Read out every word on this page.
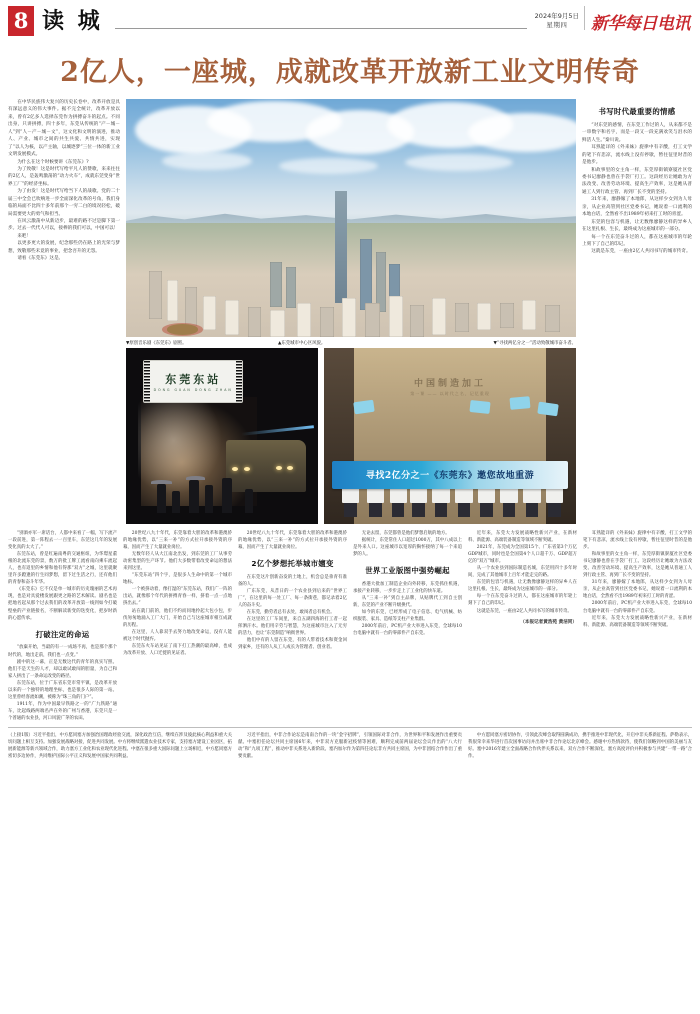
8 读 城	2024年9月5日
星期四	新华每日电讯
2亿人，一座城，成就改革开放新工业文明传奇

在中华民族伟大复兴的历史长卷中，改革开放是具有深远意义的伟大事件。据不完全统计，改革开放以来，曾有2亿多人选择东莞作为拼搏奋斗的起点。不同出身，只讲拼搏，四十多年，东莞从传统的“产－城－人”到“人－产－城－文”，这文化和文明的演进，推动人、产业、城市之间的共生共爱、共情共进，实现了“以人为核，以产主轴，以城逐梦”三位一体的新工业文明发展模式。

为什么在这个时候要讲《东莞东》?

为了致敬！这是时代写给平凡人的赞歌，来来往往的2亿人，是轰鸣激荡的“动力火车”，成就东莞变身“世界工厂”的经济坐标。

为了由发！这是时代写给当下人的战歌。党的二十届三中全会已吹响进一步全面深化改革的号角，我们身临的局面不比四十多年前那个一穷二白的境况轻松，破局需要更大的勇气和担当。

在风云激荡中从新迈步，最难的路不过是脚下第一步。过去一代代人可以，接棒的我们可以，中国可以！

来吧！

以更多更大的发展，纪念那些仍在路上的光荣与梦想，致敬那些未竟的事业，把念吾升的无怨。

请看《东莞东》这是。

▼原创音乐剧《东莞东》剧照。	▲东莞城市中心区风貌。	▼“寻找两亿分之一”活动致敬城市奋斗者。
东莞东站
DONG GUAN DONG ZHAN
中国制造加工
第一课 —— 以时代之名，记忆重现
寻找2亿分之一 《东莞东》邀您故地重游
书写时代最重要的情感

“对东莞的感情，在东莞工作过的人，从来都不是一串数字和名字，而是一段又一段充满欢笑与泪水的鲜活人生。”秦川说。

耳熟能详的《外来妹》旋律中有辛酸，打工文学的笔下有悲凉，流水线上没有停歇，暂往征里时昔的是他步。

和故事里的女主角一样，东莞厚街镇寮厦社区党委书记廖静也曾在手袋厂打工。这段经历让她敢为方法改变、改善劳动环境、提高生产效率，这是她从普通工人到行政主管、再到厂长不变的坚持。

31年来，廖静嫁了本地郎，从这样少女到为人母亲，从企业高管到社区党委书记，她说着一口流利的本地白话，全然看不出1989年初来打工时的青涩。

东莞的包容与机遇，让无数像廖静这样的异乡人在这里扎根、生长，最终成为这座城市的一部分。

每一个在东莞奋斗过的人，都在这座城市的年轮上刻下了自己的印记。

这就是东莞，一座由2亿人共同书写的城市传奇。

“别酒亦军一席话台，人都中来看了一幅，写下流产一段前进，第一阵程去一一百里车，东莞这几年的发展变化真的太大了。”

东莞东站，曾是红遍南粤的交通枢纽，为华璟星董根的北流东莞的景，数万的批工牌工流看南向乘车流起人，也有返里的乡情和他有得那“双方”之城，这里就聚里许多蹬逢的行生同梦想，留下过生活之行，还有他们的青春和奋斗年华。

《东莞东》它不仅是单一城市的历史瑰丽的艺术再现，也是对具爱楼发展跟更之路的艺术解读。剧名也是把地名起从那个过去我们的改革开放第一线到如今打破壁垒的产业链接名，不断解读新变的迭变化，把岁时新的心愿传承。

打破注定的命运

“放棄开始，当最的有一一成场不再，也是那个那个时代的，地出走前，我们也一点变。”

剧中的这一幕，正是无数这代的青年的真实写照。他们不是天生的人才，却以敢试敢闯的胆量，为自己和家人拼出了一条命运改变的路径。

东莞东站，位于广东省东莞市常平镇，是改革开放以来的一个独特的地理坐标，也是很多人际的第一站。这里曾经客流如潮，被称为“珠三角的门户”。

1911年，作为中国最早铁路之一的“广九铁路”通车，比起线路两端名声在外的广州与香港，东莞只是一个普通的农业县，河口风貌广茅的农田。

20世纪八九十年代，东莞靠着大胆的改革和港澳侨的地缘优势，以“三来一补”的方式拉开承接外资的序幕，因而产生了大量就业岗位。

无数年轻人从大江南北出发，到东莞的工厂从事劳动密集型的生产环节。他们大多数带着改变命运的想法来到这里。

“东莞东站”四个字，是很多人生命中的第一个城市地标。

一个被挤动着，像打湿的“东莞东站，我们广一阵的出站，就像那个年代的拼搏青春一样，挤着一点一点地挤出去。”

站在就门前的，他们不约而同地拎起大包小包，步伐匆匆地涌入工厂大门，开始自己与这座城市相互成就的历程。

在这里，人人靠双手去努力地改变命运，没有人能被这个时代抛弃。

东莞东火车站见证了南下打工热潮的最高峰，也成为改革开放、人口迁徙的见证者。

20世纪八九十年代，东莞靠着大胆的改革和港澳侨的地缘优势，以“三来一补”的方式拉开承接外资的序幕，因而产生了大量就业岗位。

2亿个梦想托举城市嬗变

在东莞这片创新奋发的土地上，机会总是垂青有准备的人。

广东东莞，从昔日的一个农业县到后来的“世界工厂”，在这里的每一处工厂、每一条街巷，都记录着2亿人的奋斗史。

在东莞，勤劳者总有去处，敢闯者总有机会。

在这里的工厂车间里，来自五湖四海的打工者一起挥洒汗水。他们用辛劳与智慧，为这座城市注入了无穷的活力，也让“东莞制造”响彻世界。

他们中有的人留在东莞，有的人带着技术和资金回到家乡，还有的人从工人成长为管理者、创业者。

无论去留，东莞都曾是他们梦想启航的地方。

据统计，东莞常住人口超过1000万，其中八成以上是外来人口。这座城市以宽厚的胸怀接纳了每一个来追梦的人。

世界工业版图中强势崛起

香港大批加工制造企业向外转移，东莞抓住机遇，承接产业转移，一步步走上了工业化的快车道。

从“三来一补”到自主品牌，从贴牌代工到自主创新，东莞的产业不断升级换代。

如今的东莞，已经形成了电子信息、电气机械、纺织服装、家具、造纸等支柱产业集群。

2000年前后，PC机产业大举进入东莞，全球每10台电脑中就有一台的零部件产自东莞。

近年来，东莞大力发展战略性新兴产业，在新材料、新能源、高端装备制造等领域不断突破。

2021年，东莞成为全国第15个、广东省第3个万亿GDP城市，同时也是全国第4个人口超千万、GDP超万亿的“双万”城市。

从一个农业县到国际制造名城，东莞用四十多年时间，完成了其他城市上百年才能走完的路。

东莞的包容与机遇，让无数像廖静这样的异乡人在这里扎根、生长，最终成为这座城市的一部分。

每一个在东莞奋斗过的人，都在这座城市的年轮上刻下了自己的印记。

这就是东莞，一座由2亿人共同书写的城市传奇。

（本报记者黄浩苑 黄洁同）

耳熟能详的《外来妹》旋律中有辛酸，打工文学的笔下有悲凉，流水线上没有停歇，暂往征里时昔的是他步。

和故事里的女主角一样，东莞厚街镇寮厦社区党委书记廖静也曾在手袋厂打工。这段经历让她敢为方法改变、改善劳动环境、提高生产效率，这是她从普通工人到行政主管、再到厂长不变的坚持。

31年来，廖静嫁了本地郎，从这样少女到为人母亲，从企业高管到社区党委书记，她说着一口流利的本地白话，全然看不出1989年初来打工时的青涩。

2000年前后，PC机产业大举进入东莞，全球每10台电脑中就有一台的零部件产自东莞。

近年来，东莞大力发展战略性新兴产业，在新材料、新能源、高端装备制造等领域不断突破。

（上接1版）习近平指出，中方愿同塞方加强治国理政经验交流，深化政治互信，继续在涉及彼此核心利益和重大关切问题上相互支持。加强发展战略对接，促进共同发展。中方将继续派遣农业技术专家，支持塞方建设工业园区，拓展新能源等新兴领域合作，助力塞方工业化和农业现代化进程。中塞在很多重大国际问题上立场相近，中方愿同塞方密切多边协作，共同维护国际公平正义和发展中国家共同利益。

习近平指出，中非合作论坛是南南合作的一块“金字招牌”，引领国际对非合作，为世界和平和发展作出重要贡献。中塞担任论坛共同主席国6年来，中非双方克服新冠疫情等困难，顺利完成前两届论坛会议作出的“八大行动”和“九项工程”，推动中非关系进入新阶段。塞内加尔作为第四任论坛非方共同主席国，为中非团结合作作出了重要贡献。

中方愿同塞方密切协作，引领此次峰会取得圆满成功，携手推进中非现代化，开启中非关系新征程。萨勒表示，我很荣幸来华进行首次国事访问并出席中非合作论坛北京峰会。感谢中方热情款待，使我们领略到中国的美丽与友好。塞中2016年建立全面战略合作伙伴关系以来，双方合作不断深化，塞方高度评价并积极参与共建“一带一路”合作。
